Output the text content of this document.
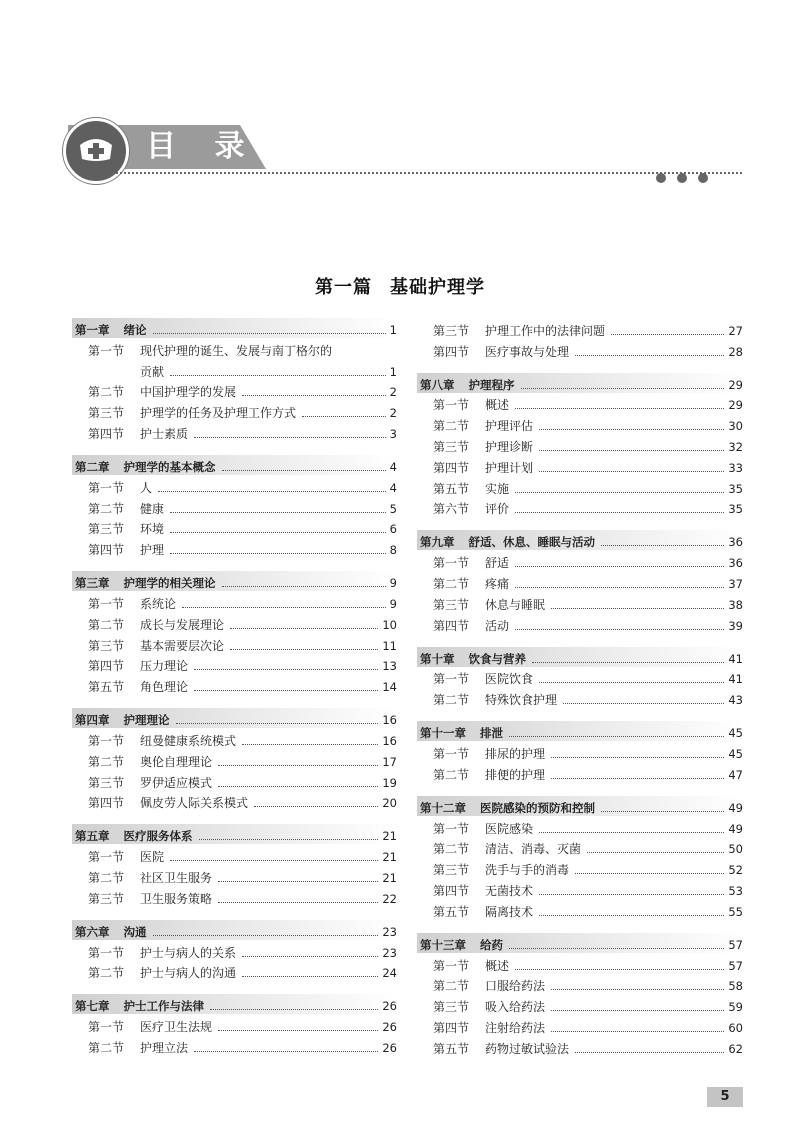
目 录
第一篇 基础护理学
第一章 绪论	1
第一节	现代护理的诞生、发展与南丁格尔的
贡献	1
第二节	中国护理学的发展	2
第三节	护理学的任务及护理工作方式	2
第四节	护士素质	3
第二章 护理学的基本概念	4
第一节	人	4
第二节	健康	5
第三节	环境	6
第四节	护理	8
第三章 护理学的相关理论	9
第一节	系统论	9
第二节	成长与发展理论	10
第三节	基本需要层次论	11
第四节	压力理论	13
第五节	角色理论	14
第四章 护理理论	16
第一节	纽曼健康系统模式	16
第二节	奥伦自理理论	17
第三节	罗伊适应模式	19
第四节	佩皮劳人际关系模式	20
第五章 医疗服务体系	21
第一节	医院	21
第二节	社区卫生服务	21
第三节	卫生服务策略	22
第六章 沟通	23
第一节	护士与病人的关系	23
第二节	护士与病人的沟通	24
第七章 护士工作与法律	26
第一节	医疗卫生法规	26
第二节	护理立法	26
第三节	护理工作中的法律问题	27
第四节	医疗事故与处理	28
第八章 护理程序	29
第一节	概述	29
第二节	护理评估	30
第三节	护理诊断	32
第四节	护理计划	33
第五节	实施	35
第六节	评价	35
第九章 舒适、休息、睡眠与活动	36
第一节	舒适	36
第二节	疼痛	37
第三节	休息与睡眠	38
第四节	活动	39
第十章 饮食与营养	41
第一节	医院饮食	41
第二节	特殊饮食护理	43
第十一章 排泄	45
第一节	排尿的护理	45
第二节	排便的护理	47
第十二章 医院感染的预防和控制	49
第一节	医院感染	49
第二节	清洁、消毒、灭菌	50
第三节	洗手与手的消毒	52
第四节	无菌技术	53
第五节	隔离技术	55
第十三章 给药	57
第一节	概述	57
第二节	口服给药法	58
第三节	吸入给药法	59
第四节	注射给药法	60
第五节	药物过敏试验法	62
5
